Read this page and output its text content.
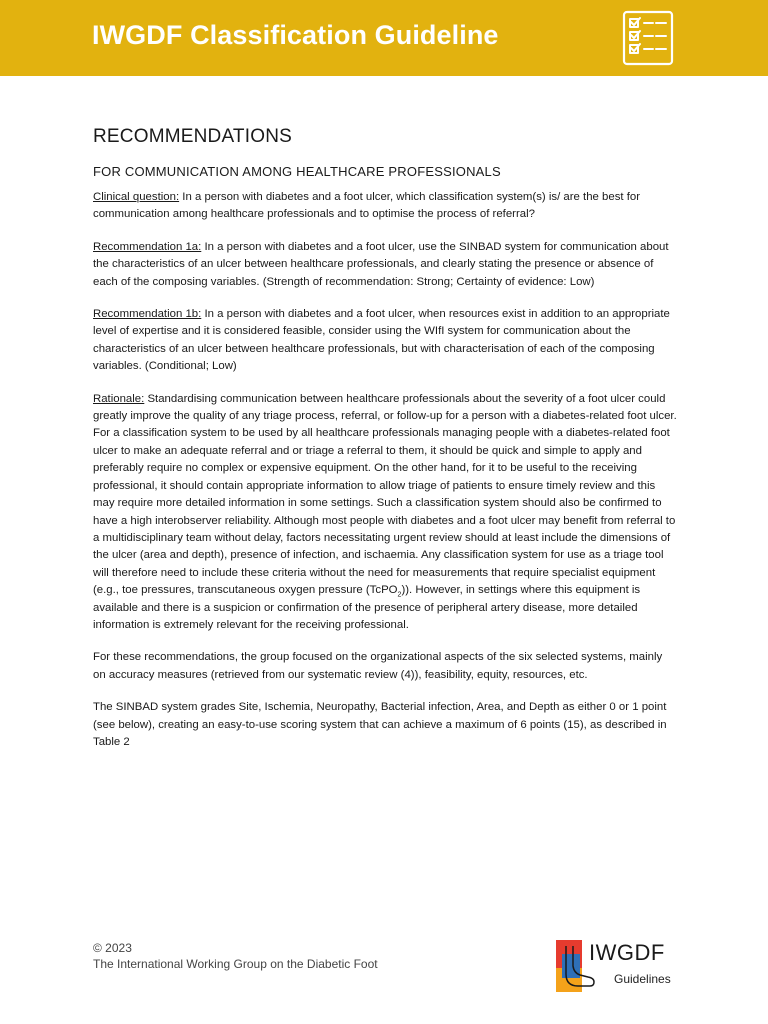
IWGDF Classification Guideline
RECOMMENDATIONS
FOR COMMUNICATION AMONG HEALTHCARE PROFESSIONALS

Clinical question: In a person with diabetes and a foot ulcer, which classification system(s) is/ are the best for communication among healthcare professionals and to optimise the process of referral?

Recommendation 1a: In a person with diabetes and a foot ulcer, use the SINBAD system for communication about the characteristics of an ulcer between healthcare professionals, and clearly stating the presence or absence of each of the composing variables. (Strength of recommendation: Strong; Certainty of evidence: Low)

Recommendation 1b: In a person with diabetes and a foot ulcer, when resources exist in addition to an appropriate level of expertise and it is considered feasible, consider using the WIfI system for communication about the characteristics of an ulcer between healthcare professionals, but with characterisation of each of the composing variables. (Conditional; Low)

Rationale: Standardising communication between healthcare professionals about the severity of a foot ulcer could greatly improve the quality of any triage process, referral, or follow-up for a person with a diabetes-related foot ulcer. For a classification system to be used by all healthcare professionals managing people with a diabetes-related foot ulcer to make an adequate referral and or triage a referral to them, it should be quick and simple to apply and preferably require no complex or expensive equipment. On the other hand, for it to be useful to the receiving professional, it should contain appropriate information to allow triage of patients to ensure timely review and this may require more detailed information in some settings. Such a classification system should also be confirmed to have a high interobserver reliability. Although most people with diabetes and a foot ulcer may benefit from referral to a multidisciplinary team without delay, factors necessitating urgent review should at least include the dimensions of the ulcer (area and depth), presence of infection, and ischaemia. Any classification system for use as a triage tool will therefore need to include these criteria without the need for measurements that require specialist equipment (e.g., toe pressures, transcutaneous oxygen pressure (TcPO$_2$)). However, in settings where this equipment is available and there is a suspicion or confirmation of the presence of peripheral artery disease, more detailed information is extremely relevant for the receiving professional.

For these recommendations, the group focused on the organizational aspects of the six selected systems, mainly on accuracy measures (retrieved from our systematic review (4)), feasibility, equity, resources, etc.

The SINBAD system grades Site, Ischemia, Neuropathy, Bacterial infection, Area, and Depth as either 0 or 1 point (see below), creating an easy-to-use scoring system that can achieve a maximum of 6 points (15), as described in Table 2

© 2023
The International Working Group on the Diabetic Foot	IWGDF
Guidelines
